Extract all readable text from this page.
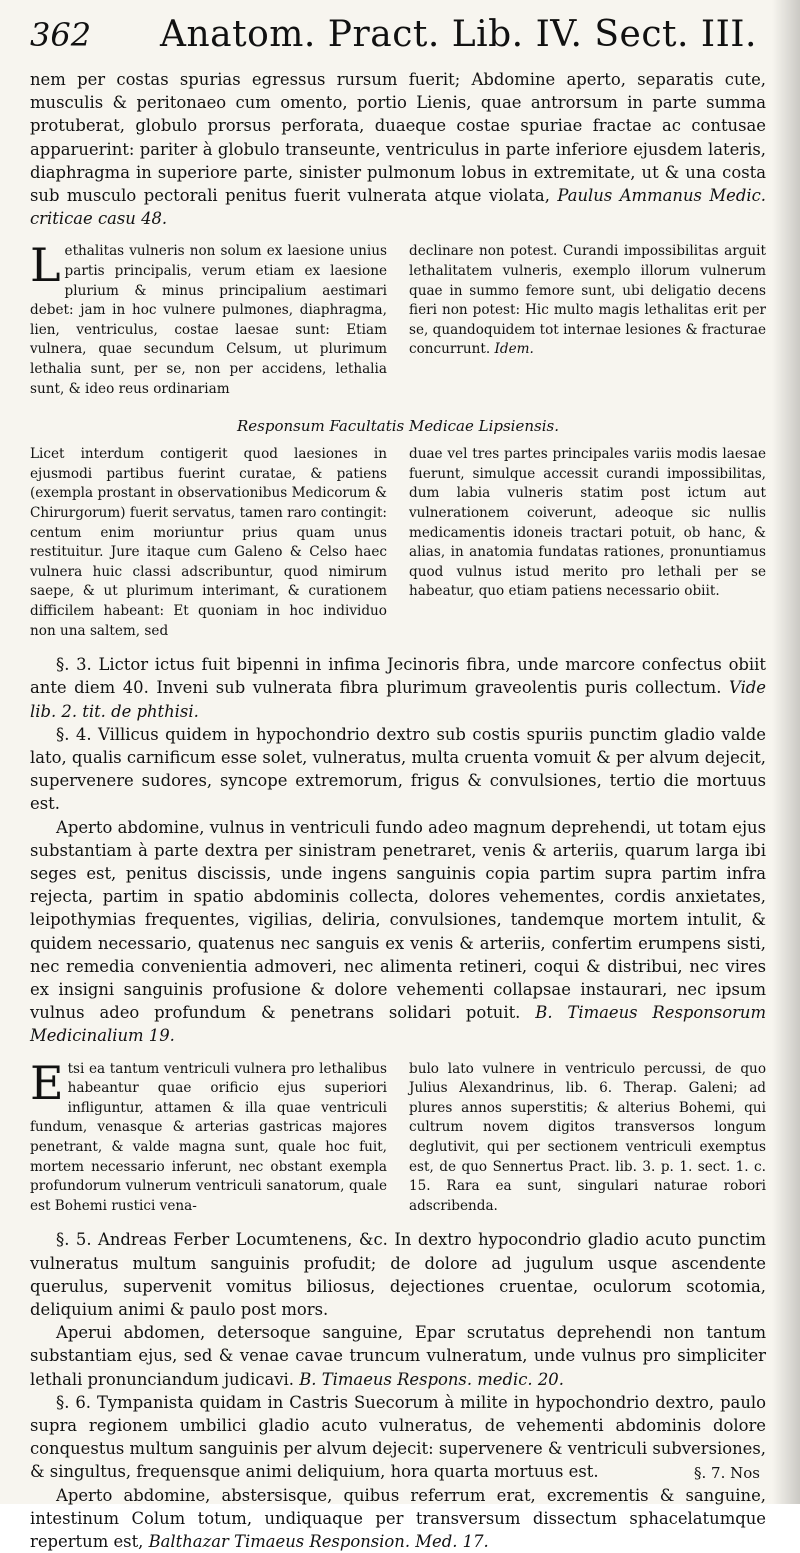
362	Anatom. Pract. Lib. IV. Sect. III.

nem per costas spurias egressus rursum fuerit; Abdomine aperto, separatis cute, musculis & peritonaeo cum omento, portio Lienis, quae antrorsum in parte summa protuberat, globulo prorsus perforata, duaeque costae spuriae fractae ac contusae apparuerint: pariter à globulo transeunte, ventriculus in parte inferiore ejusdem lateris, diaphragma in superiore parte, sinister pulmonum lobus in extremitate, ut & una costa sub musculo pectorali penitus fuerit vulnerata atque violata, Paulus Ammanus Medic. criticae casu 48.

Lethalitas vulneris non solum ex laesione unius partis principalis, verum etiam ex laesione plurium & minus principalium aestimari debet: jam in hoc vulnere pulmones, diaphragma, lien, ventriculus, costae laesae sunt: Etiam vulnera, quae secundum Celsum, ut plurimum lethalia sunt, per se, non per accidens, lethalia sunt, & ideo reus ordinariam

declinare non potest. Curandi impossibilitas arguit lethalitatem vulneris, exemplo illorum vulnerum quae in summo femore sunt, ubi deligatio decens fieri non potest: Hic multo magis lethalitas erit per se, quandoquidem tot internae lesiones & fracturae concurrunt. Idem.

Responsum Facultatis Medicae Lipsiensis.

Licet interdum contigerit quod laesiones in ejusmodi partibus fuerint curatae, & patiens (exempla prostant in observationibus Medicorum & Chirurgorum) fuerit servatus, tamen raro contingit: centum enim moriuntur prius quam unus restituitur. Jure itaque cum Galeno & Celso haec vulnera huic classi adscribuntur, quod nimirum saepe, & ut plurimum interimant, & curationem difficilem habeant: Et quoniam in hoc individuo non una saltem, sed

duae vel tres partes principales variis modis laesae fuerunt, simulque accessit curandi impossibilitas, dum labia vulneris statim post ictum aut vulnerationem coiverunt, adeoque sic nullis medicamentis idoneis tractari potuit, ob hanc, & alias, in anatomia fundatas rationes, pronuntiamus quod vulnus istud merito pro lethali per se habeatur, quo etiam patiens necessario obiit.

§. 3. Lictor ictus fuit bipenni in infima Jecinoris fibra, unde marcore confectus obiit ante diem 40. Inveni sub vulnerata fibra plurimum graveolentis puris collectum. Vide lib. 2. tit. de phthisi.

§. 4. Villicus quidem in hypochondrio dextro sub costis spuriis punctim gladio valde lato, qualis carnificum esse solet, vulneratus, multa cruenta vomuit & per alvum dejecit, supervenere sudores, syncope extremorum, frigus & convulsiones, tertio die mortuus est.

Aperto abdomine, vulnus in ventriculi fundo adeo magnum deprehendi, ut totam ejus substantiam à parte dextra per sinistram penetraret, venis & arteriis, quarum larga ibi seges est, penitus discissis, unde ingens sanguinis copia partim supra partim infra rejecta, partim in spatio abdominis collecta, dolores vehementes, cordis anxietates, leipothymias frequentes, vigilias, deliria, convulsiones, tandemque mortem intulit, & quidem necessario, quatenus nec sanguis ex venis & arteriis, confertim erumpens sisti, nec remedia convenientia admoveri, nec alimenta retineri, coqui & distribui, nec vires ex insigni sanguinis profusione & dolore vehementi collapsae instaurari, nec ipsum vulnus adeo profundum & penetrans solidari potuit. B. Timaeus Responsorum Medicinalium 19.

Etsi ea tantum ventriculi vulnera pro lethalibus habeantur quae orificio ejus superiori infliguntur, attamen & illa quae ventriculi fundum, venasque & arterias gastricas majores penetrant, & valde magna sunt, quale hoc fuit, mortem necessario inferunt, nec obstant exempla profundorum vulnerum ventriculi sanatorum, quale est Bohemi rustici vena-

bulo lato vulnere in ventriculo percussi, de quo Julius Alexandrinus, lib. 6. Therap. Galeni; ad plures annos superstitis; & alterius Bohemi, qui cultrum novem digitos transversos longum deglutivit, qui per sectionem ventriculi exemptus est, de quo Sennertus Pract. lib. 3. p. 1. sect. 1. c. 15. Rara ea sunt, singulari naturae robori adscribenda.

§. 5. Andreas Ferber Locumtenens, &c. In dextro hypocondrio gladio acuto punctim vulneratus multum sanguinis profudit; de dolore ad jugulum usque ascendente querulus, supervenit vomitus biliosus, dejectiones cruentae, oculorum scotomia, deliquium animi & paulo post mors.

Aperui abdomen, detersoque sanguine, Epar scrutatus deprehendi non tantum substantiam ejus, sed & venae cavae truncum vulneratum, unde vulnus pro simpliciter lethali pronunciandum judicavi. B. Timaeus Respons. medic. 20.

§. 6. Tympanista quidam in Castris Suecorum à milite in hypochondrio dextro, paulo supra regionem umbilici gladio acuto vulneratus, de vehementi abdominis dolore conquestus multum sanguinis per alvum dejecit: supervenere & ventriculi subversiones, & singultus, frequensque animi deliquium, hora quarta mortuus est.

Aperto abdomine, abstersisque, quibus referrum erat, excrementis & sanguine, intestinum Colum totum, undiquaque per transversum dissectum sphacelatumque repertum est, Balthazar Timaeus Responsion. Med. 17.

§. 7. Nos
